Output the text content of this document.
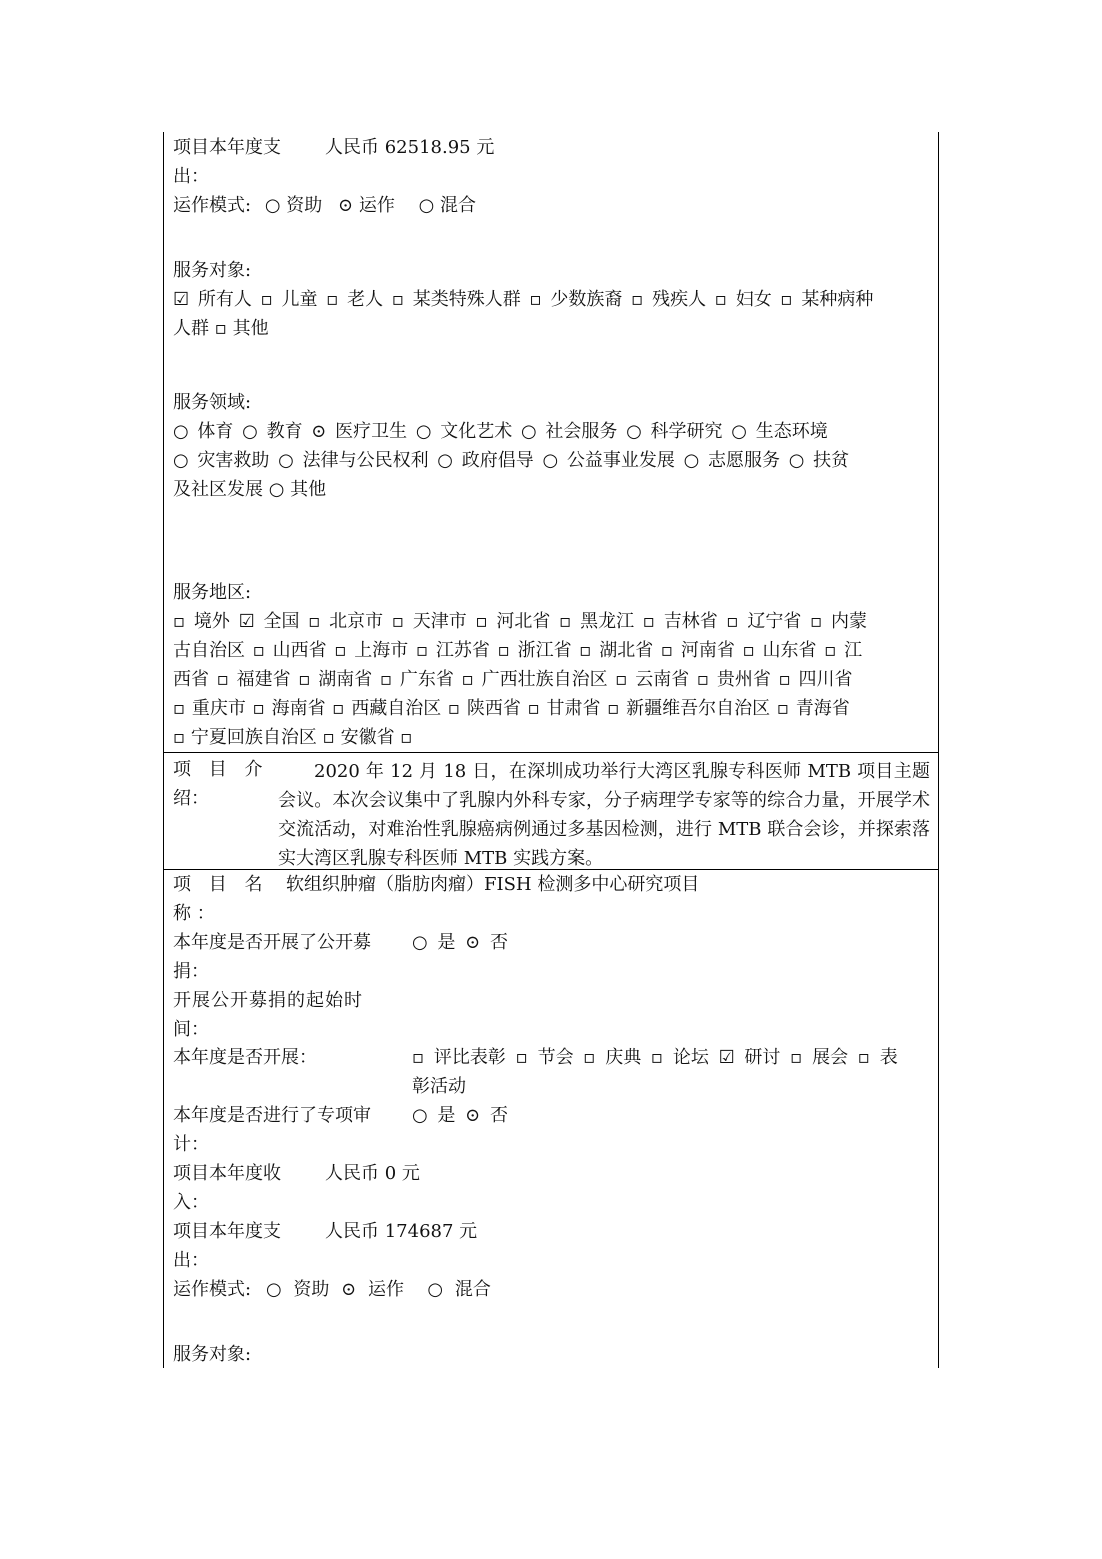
项目本年度支 人民币 62518.95 元
出：
运作模式: ○ 资助 ⊙ 运作 ○ 混合
服务对象:
☑ 所有人 ▫ 儿童 ▫ 老人 ▫ 某类特殊人群 ▫ 少数族裔 ▫ 残疾人 ▫ 妇女 ▫ 某种病种
人群 ▫ 其他
服务领域:
○ 体育 ○ 教育 ⊙ 医疗卫生 ○ 文化艺术 ○ 社会服务 ○ 科学研究 ○ 生态环境
○ 灾害救助 ○ 法律与公民权利 ○ 政府倡导 ○ 公益事业发展 ○ 志愿服务 ○ 扶贫
及社区发展 ○ 其他
服务地区:
▫ 境外 ☑ 全国 ▫ 北京市 ▫ 天津市 ▫ 河北省 ▫ 黑龙江 ▫ 吉林省 ▫ 辽宁省 ▫ 内蒙
古自治区 ▫ 山西省 ▫ 上海市 ▫ 江苏省 ▫ 浙江省 ▫ 湖北省 ▫ 河南省 ▫ 山东省 ▫ 江
西省 ▫ 福建省 ▫ 湖南省 ▫ 广东省 ▫ 广西壮族自治区 ▫ 云南省 ▫ 贵州省 ▫ 四川省
▫ 重庆市 ▫ 海南省 ▫ 西藏自治区 ▫ 陕西省 ▫ 甘肃省 ▫ 新疆维吾尔自治区 ▫ 青海省
▫ 宁夏回族自治区 ▫ 安徽省 ▫
项 目 介
绍：

2020 年 12 月 18 日，在深圳成功举行大湾区乳腺专科医师 MTB 项目主题会议。本次会议集中了乳腺内外科专家，分子病理学专家等的综合力量，开展学术交流活动，对难治性乳腺癌病例通过多基因检测，进行 MTB 联合会诊，并探索落实大湾区乳腺专科医师 MTB 实践方案。

项 目 名 软组织肿瘤（脂肪肉瘤）FISH 检测多中心研究项目
称 ：
本年度是否开展了公开募 ○ 是 ⊙ 否
捐：
开展公开募捐的起始时
间：
本年度是否开展：	▫ 评比表彰 ▫ 节会 ▫ 庆典 ▫ 论坛 ☑ 研讨 ▫ 展会 ▫ 表
彰活动
本年度是否进行了专项审 ○ 是 ⊙ 否
计：
项目本年度收 人民币 0 元
入：
项目本年度支 人民币 174687 元
出：
运作模式: ○ 资助 ⊙ 运作  ○ 混合
服务对象:
